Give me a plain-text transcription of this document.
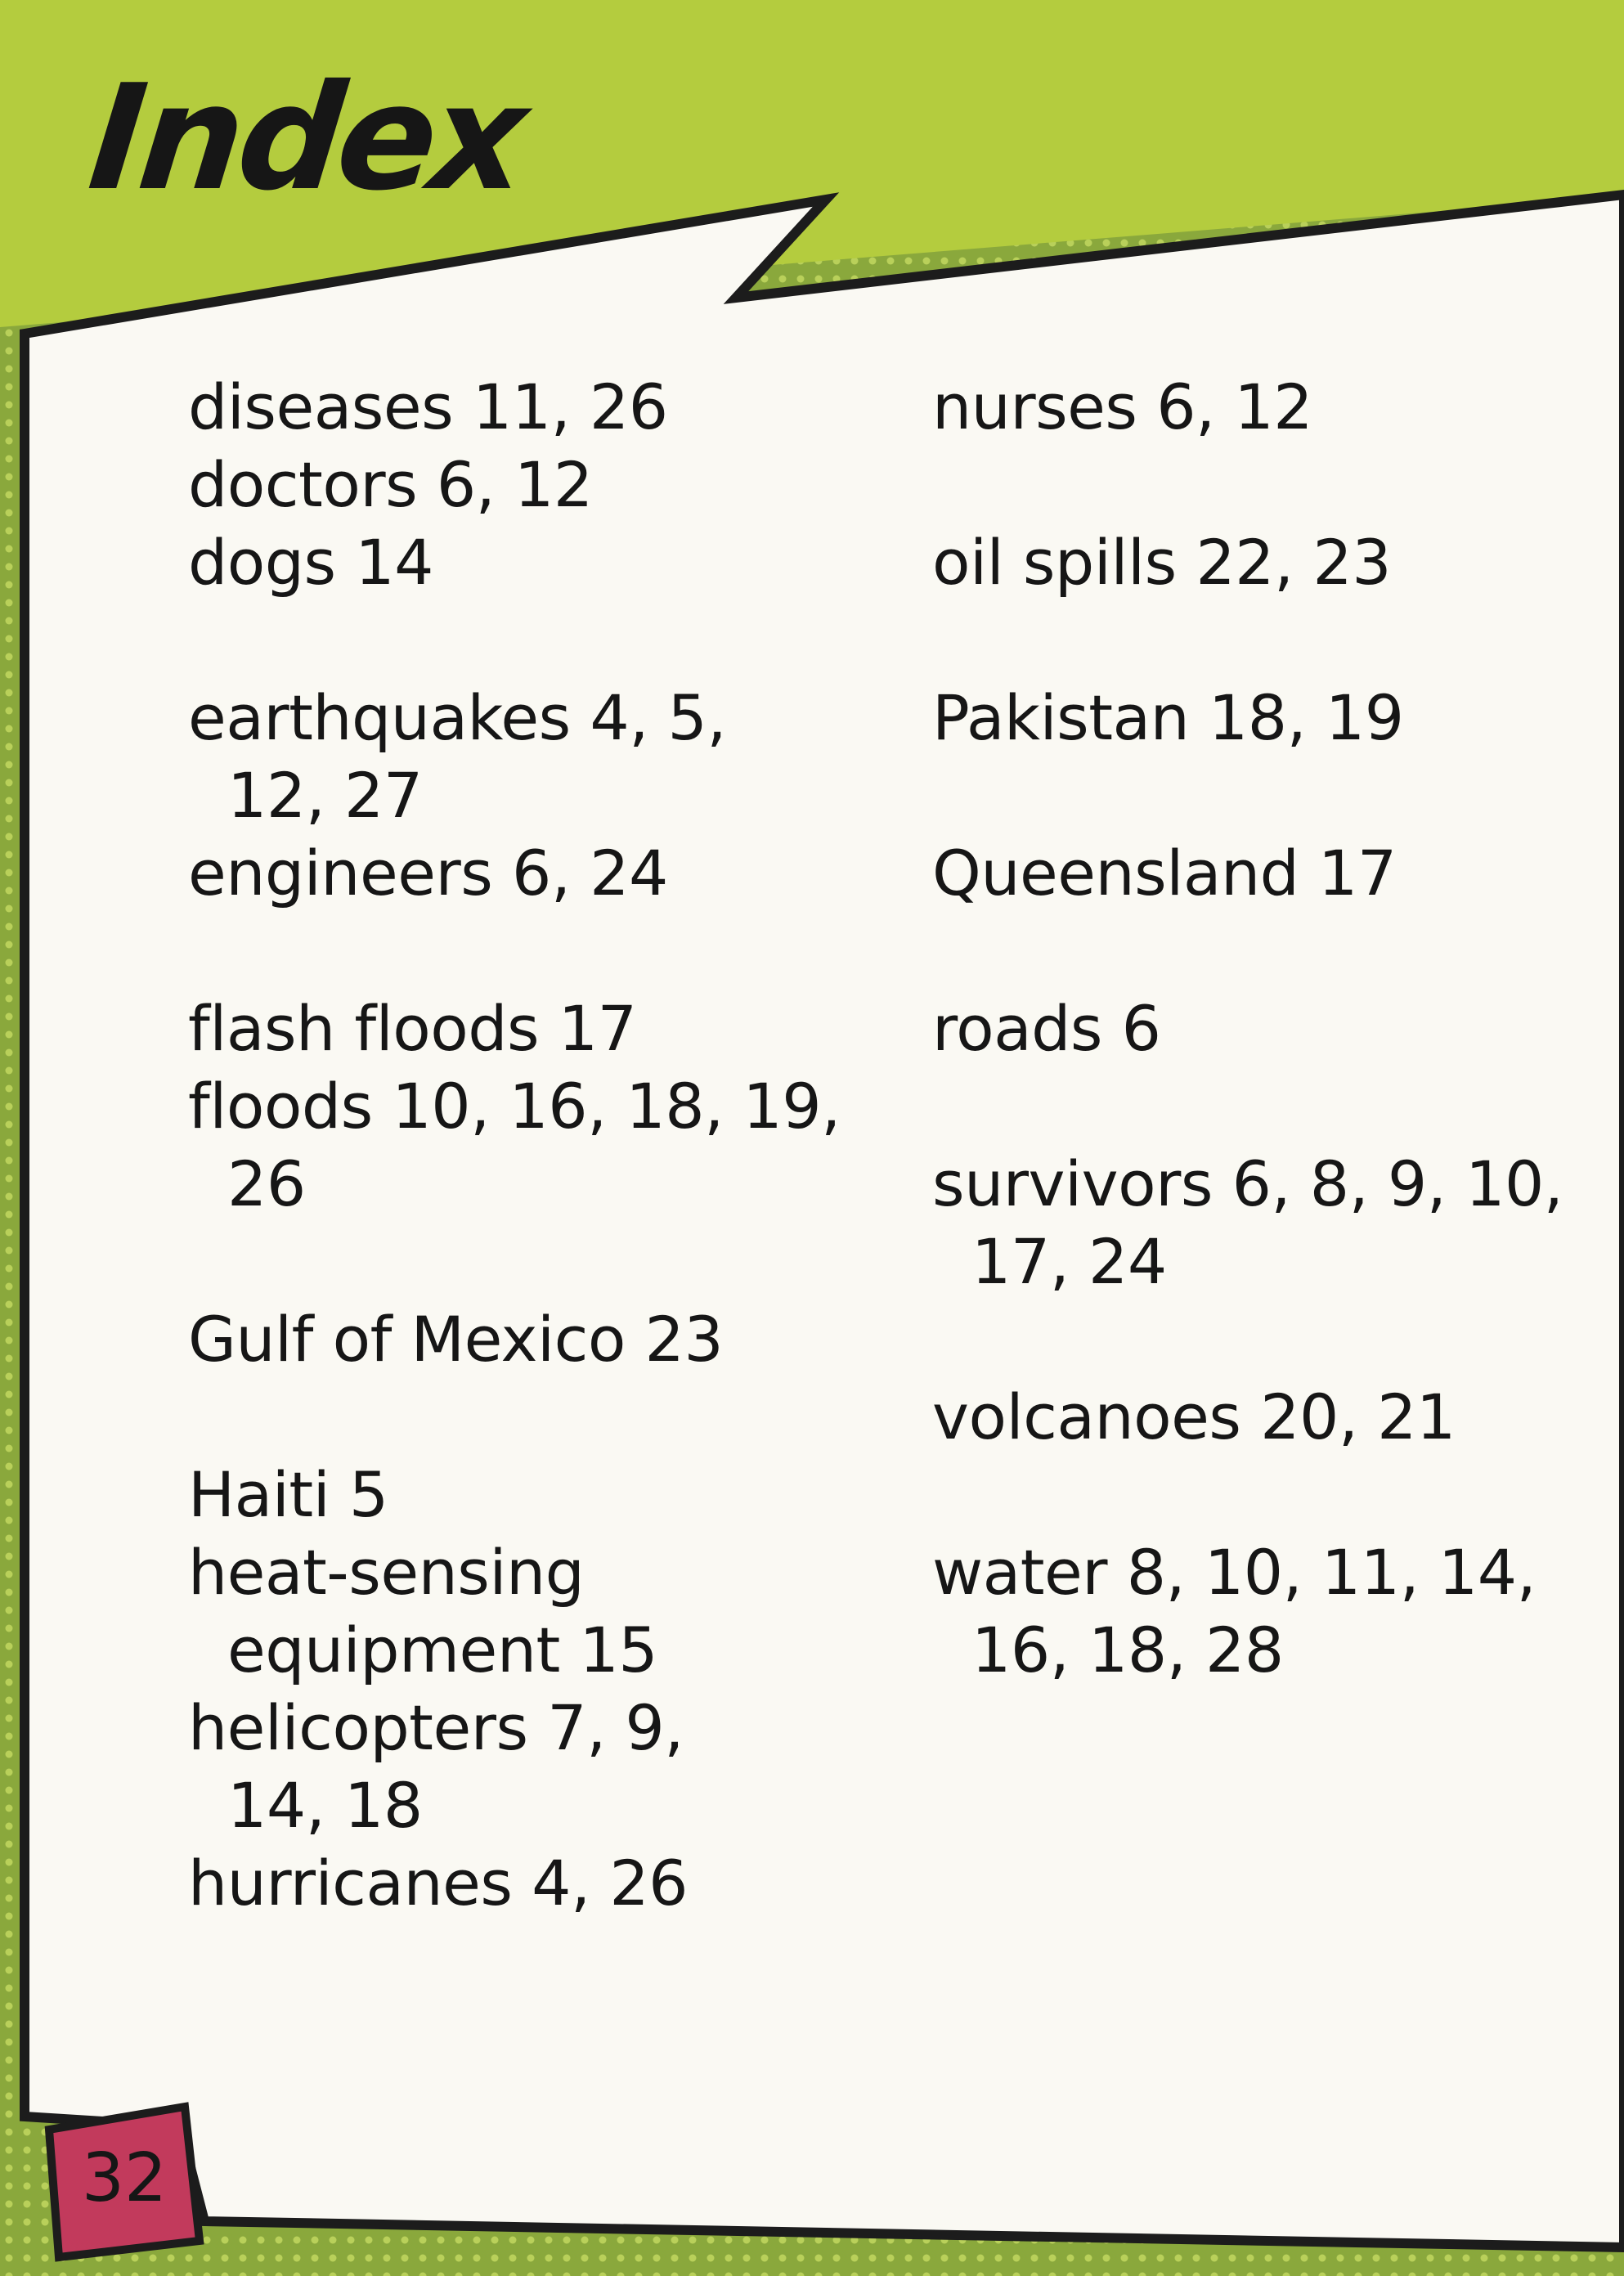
Index
diseases 11, 26
doctors 6, 12
dogs 14
earthquakes 4, 5,
12, 27
engineers 6, 24
flash floods 17
floods 10, 16, 18, 19,
26
Gulf of Mexico 23
Haiti 5
heat-sensing
equipment 15
helicopters 7, 9,
14, 18
hurricanes 4, 26
nurses 6, 12
oil spills 22, 23
Pakistan 18, 19
Queensland 17
roads 6
survivors 6, 8, 9, 10,
17, 24
volcanoes 20, 21
water 8, 10, 11, 14,
16, 18, 28
32
